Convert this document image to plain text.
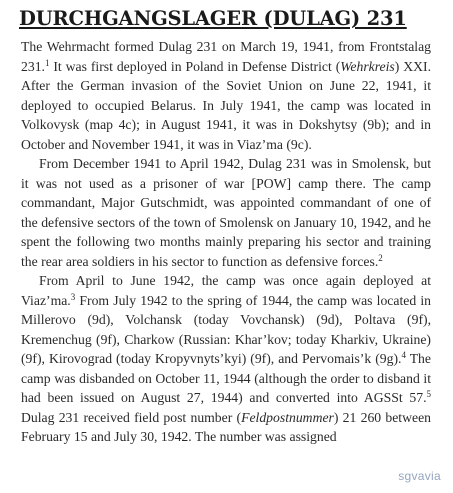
DURCHGANGSLAGER (DULAG) 231

The Wehrmacht formed Dulag 231 on March 19, 1941, from Frontstalag 231.$^1$ It was first deployed in Poland in Defense District (Wehrkreis) XXI. After the German invasion of the Soviet Union on June 22, 1941, it deployed to occupied Belarus. In July 1941, the camp was located in Volkovysk (map 4c); in August 1941, it was in Dokshytsy (9b); and in October and November 1941, it was in Viaz’ma (9c).

From December 1941 to April 1942, Dulag 231 was in Smolensk, but it was not used as a prisoner of war [POW] camp there. The camp commandant, Major Gutschmidt, was appointed commandant of one of the defensive sectors of the town of Smolensk on January 10, 1942, and he spent the following two months mainly preparing his sector and training the rear area soldiers in his sector to function as defensive forces.$^2$

From April to June 1942, the camp was once again deployed at Viaz’ma.$^3$ From July 1942 to the spring of 1944, the camp was located in Millerovo (9d), Volchansk (today Vovchansk) (9d), Poltava (9f), Kremenchug (9f), Charkow (Russian: Khar’kov; today Kharkiv, Ukraine) (9f), Kirovograd (today Kropyvnyts’kyi) (9f), and Pervomais’k (9g).$^4$ The camp was disbanded on October 11, 1944 (although the order to disband it had been issued on August 27, 1944) and converted into AGSSt 57.$^5$ Dulag 231 received field post number (Feldpostnummer) 21 260 between February 15 and July 30, 1942. The number was assigned

sgvavia
